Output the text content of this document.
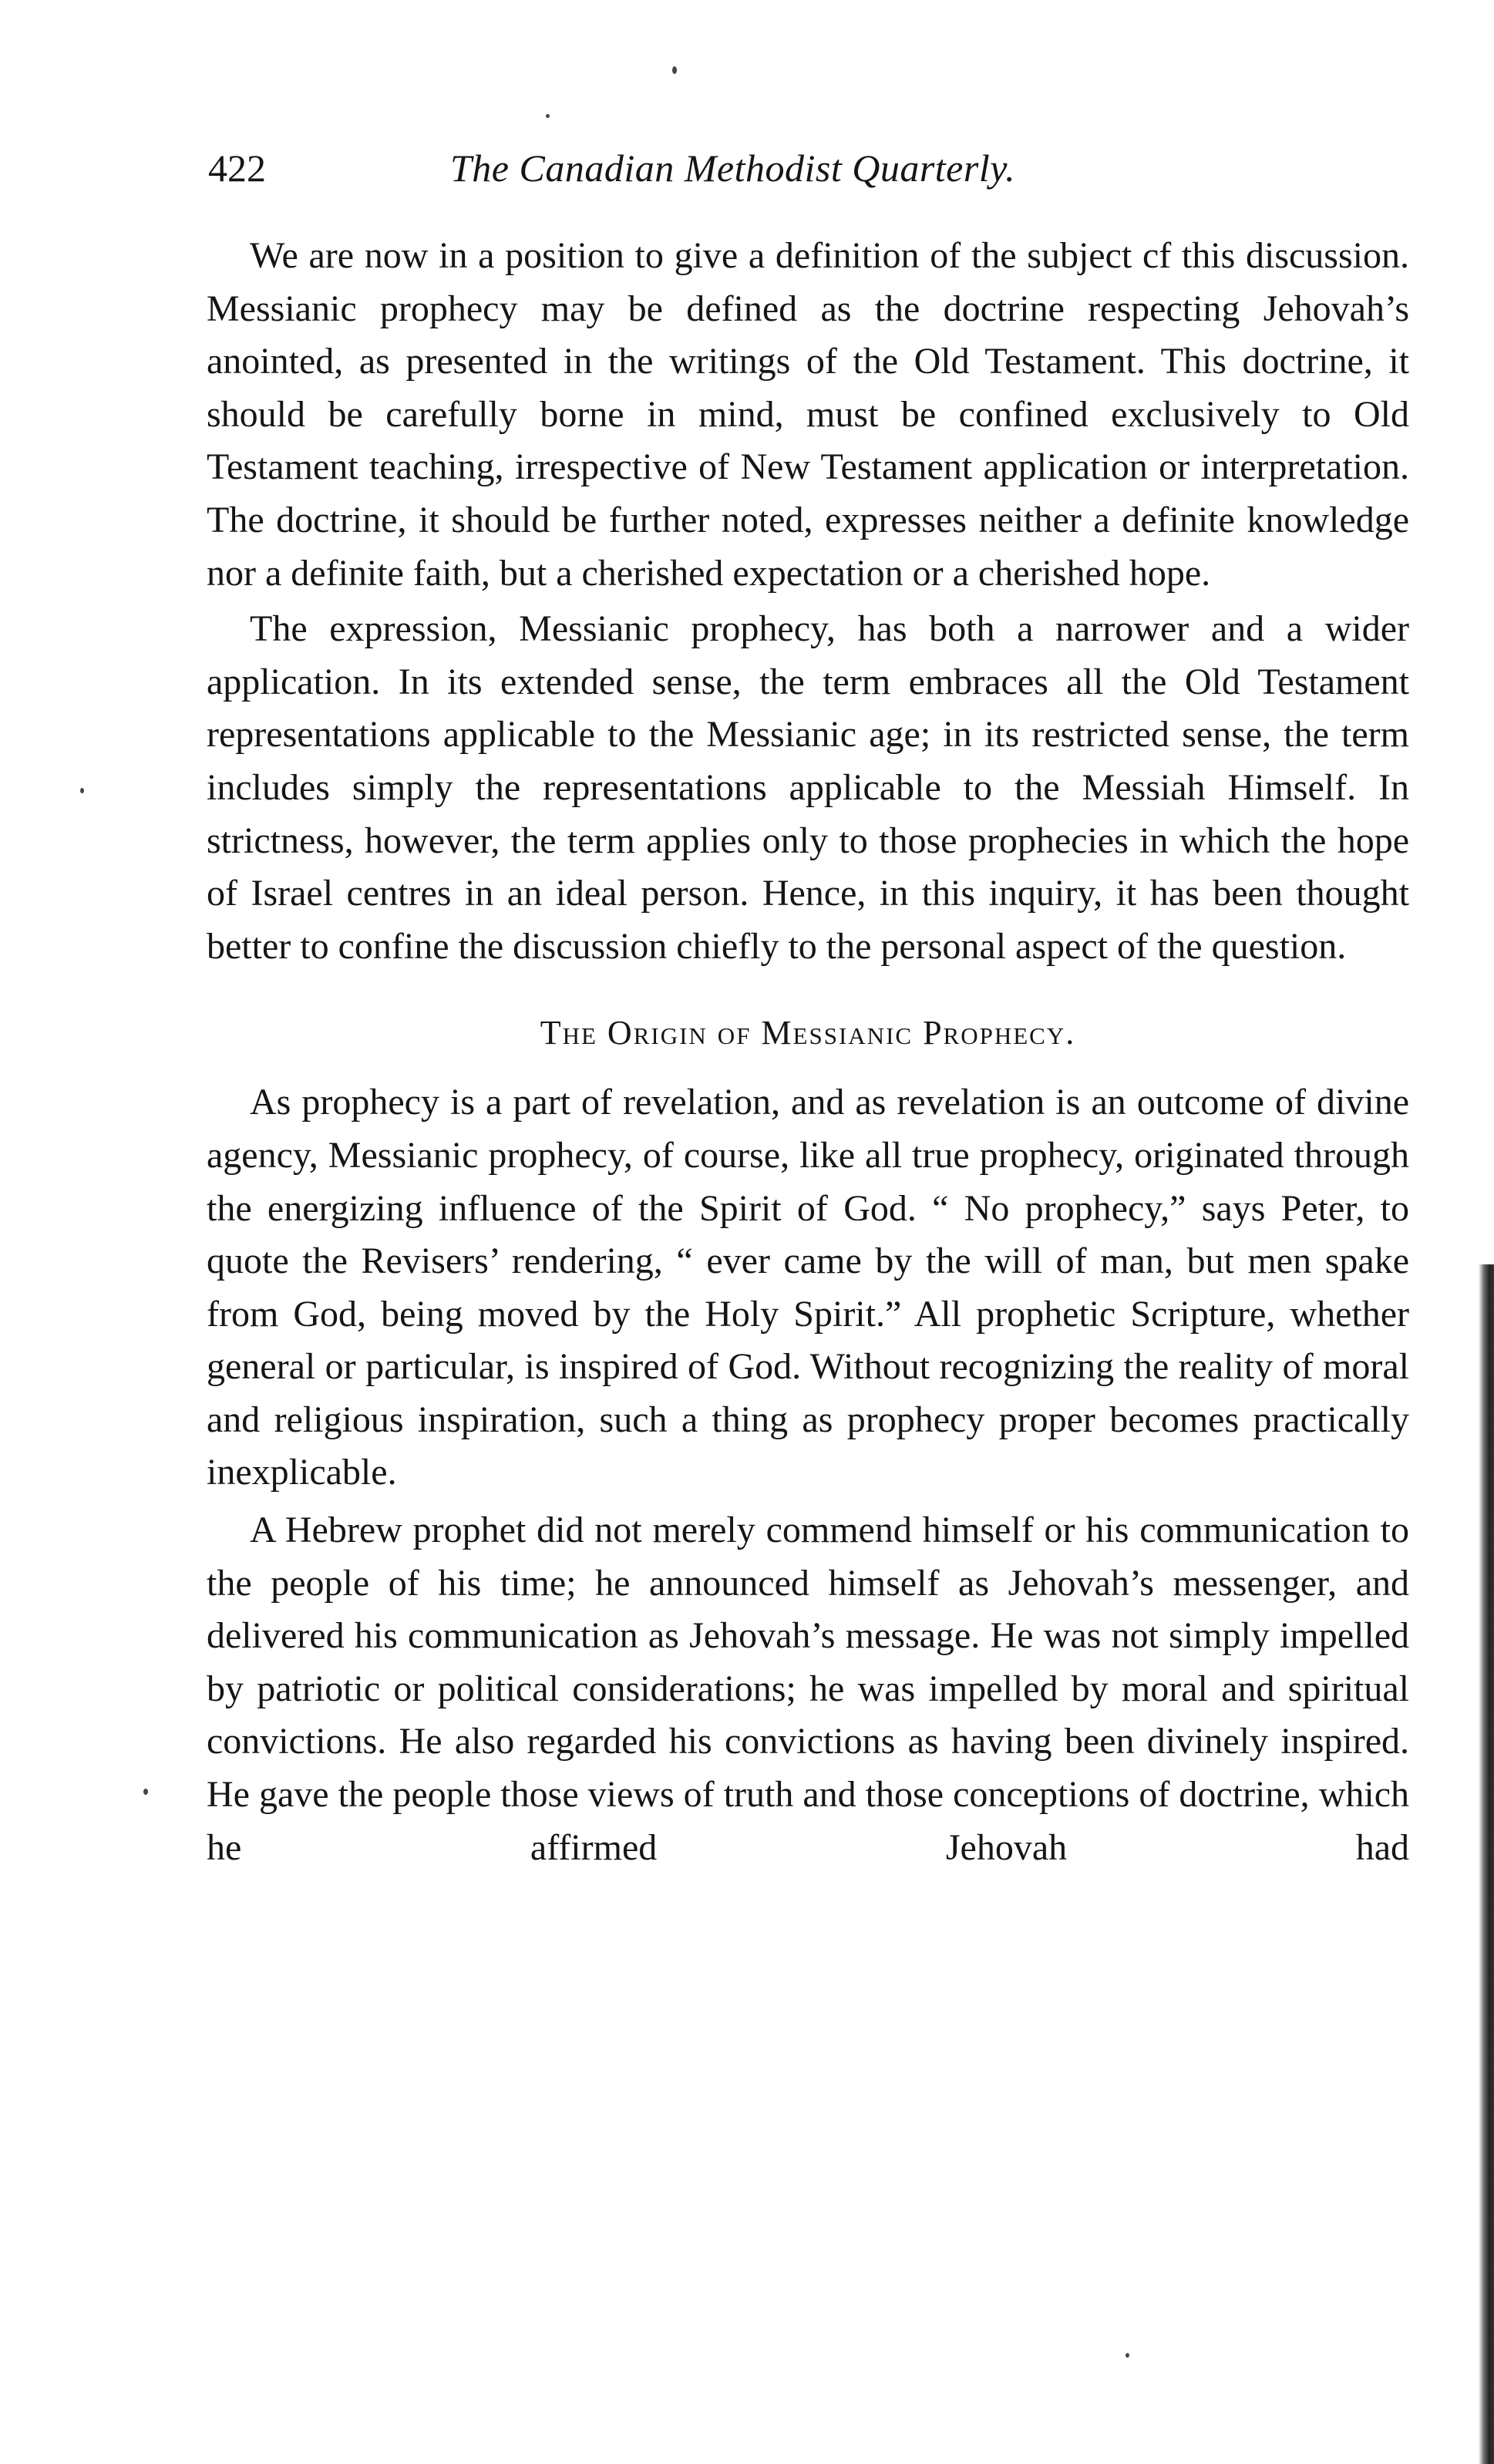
422	The Canadian Methodist Quarterly.

We are now in a position to give a definition of the subject cf this discussion. Messianic prophecy may be defined as the doctrine respecting Jehovah’s anointed, as presented in the writings of the Old Testament. This doctrine, it should be carefully borne in mind, must be confined exclusively to Old Testament teaching, irrespective of New Testament application or interpretation. The doctrine, it should be further noted, expresses neither a definite knowledge nor a definite faith, but a cherished expectation or a cherished hope.

The expression, Messianic prophecy, has both a narrower and a wider application. In its extended sense, the term embraces all the Old Testament representations applicable to the Messianic age; in its restricted sense, the term includes simply the representations applicable to the Messiah Himself. In strictness, however, the term applies only to those prophecies in which the hope of Israel centres in an ideal person. Hence, in this inquiry, it has been thought better to confine the discussion chiefly to the personal aspect of the question.

The Origin of Messianic Prophecy.

As prophecy is a part of revelation, and as revelation is an outcome of divine agency, Messianic prophecy, of course, like all true prophecy, originated through the energizing influence of the Spirit of God. “ No prophecy,” says Peter, to quote the Revisers’ rendering, “ ever came by the will of man, but men spake from God, being moved by the Holy Spirit.” All prophetic Scripture, whether general or particular, is inspired of God. Without recognizing the reality of moral and religious inspiration, such a thing as prophecy proper becomes practically inexplicable.

A Hebrew prophet did not merely commend himself or his communication to the people of his time; he announced himself as Jehovah’s messenger, and delivered his communication as Jehovah’s message. He was not simply impelled by patriotic or political considerations; he was impelled by moral and spiritual convictions. He also regarded his convictions as having been divinely inspired. He gave the people those views of truth and those conceptions of doctrine, which he affirmed Jehovah had
